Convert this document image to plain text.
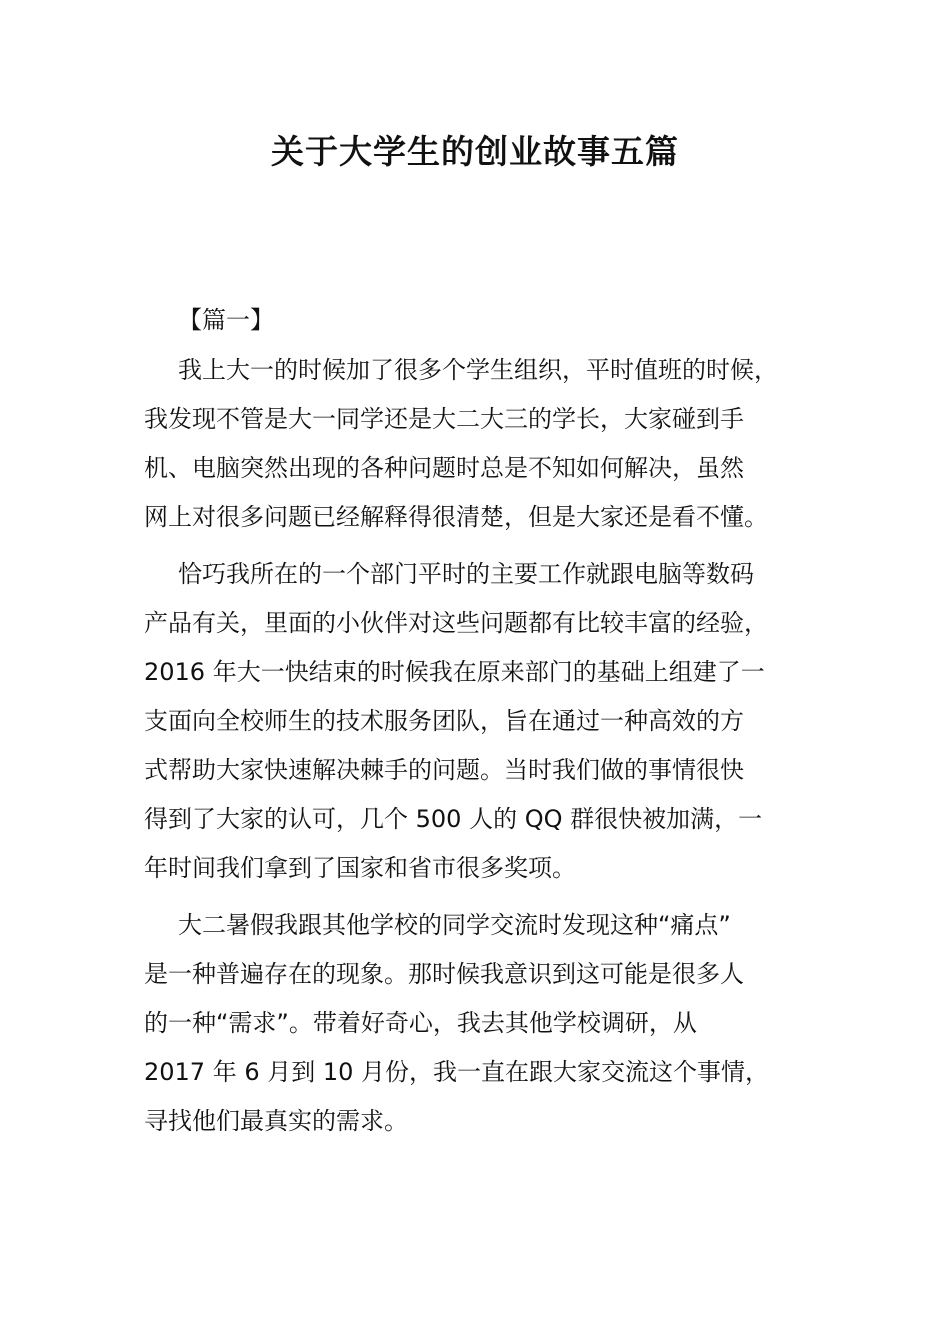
关于大学生的创业故事五篇
【篇一】
我上大一的时候加了很多个学生组织，平时值班的时候，
我发现不管是大一同学还是大二大三的学长，大家碰到手
机、电脑突然出现的各种问题时总是不知如何解决，虽然
网上对很多问题已经解释得很清楚，但是大家还是看不懂。
恰巧我所在的一个部门平时的主要工作就跟电脑等数码
产品有关，里面的小伙伴对这些问题都有比较丰富的经验，
2016 年大一快结束的时候我在原来部门的基础上组建了一
支面向全校师生的技术服务团队，旨在通过一种高效的方
式帮助大家快速解决棘手的问题。当时我们做的事情很快
得到了大家的认可，几个 500 人的 QQ 群很快被加满，一
年时间我们拿到了国家和省市很多奖项。
大二暑假我跟其他学校的同学交流时发现这种“痛点”
是一种普遍存在的现象。那时候我意识到这可能是很多人
的一种“需求”。带着好奇心，我去其他学校调研，从
2017 年 6 月到 10 月份，我一直在跟大家交流这个事情，
寻找他们最真实的需求。
